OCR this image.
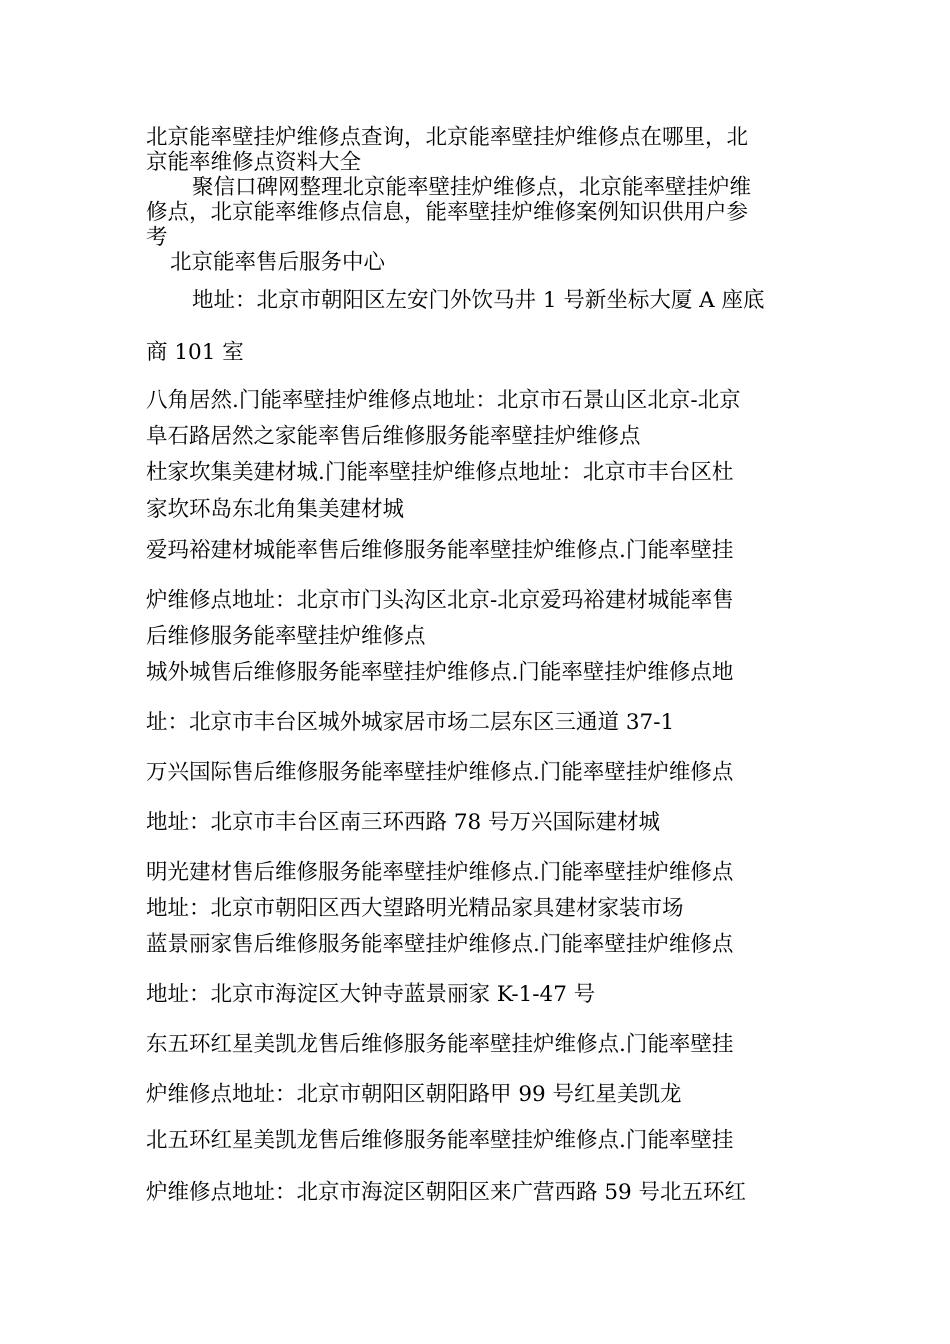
北京能率壁挂炉维修点查询，北京能率壁挂炉维修点在哪里，北
京能率维修点资料大全
聚信口碑网整理北京能率壁挂炉维修点，北京能率壁挂炉维
修点，北京能率维修点信息，能率壁挂炉维修案例知识供用户参
考
北京能率售后服务中心
地址：北京市朝阳区左安门外饮马井 1 号新坐标大厦 A 座底
商 101 室
八角居然.门能率壁挂炉维修点地址：北京市石景山区北京-北京
阜石路居然之家能率售后维修服务能率壁挂炉维修点
杜家坎集美建材城.门能率壁挂炉维修点地址：北京市丰台区杜
家坎环岛东北角集美建材城
爱玛裕建材城能率售后维修服务能率壁挂炉维修点.门能率壁挂
炉维修点地址：北京市门头沟区北京-北京爱玛裕建材城能率售
后维修服务能率壁挂炉维修点
城外城售后维修服务能率壁挂炉维修点.门能率壁挂炉维修点地
址：北京市丰台区城外城家居市场二层东区三通道 37-1
万兴国际售后维修服务能率壁挂炉维修点.门能率壁挂炉维修点
地址：北京市丰台区南三环西路 78 号万兴国际建材城
明光建材售后维修服务能率壁挂炉维修点.门能率壁挂炉维修点
地址：北京市朝阳区西大望路明光精品家具建材家装市场
蓝景丽家售后维修服务能率壁挂炉维修点.门能率壁挂炉维修点
地址：北京市海淀区大钟寺蓝景丽家 K-1-47 号
东五环红星美凯龙售后维修服务能率壁挂炉维修点.门能率壁挂
炉维修点地址：北京市朝阳区朝阳路甲 99 号红星美凯龙
北五环红星美凯龙售后维修服务能率壁挂炉维修点.门能率壁挂
炉维修点地址：北京市海淀区朝阳区来广营西路 59 号北五环红
